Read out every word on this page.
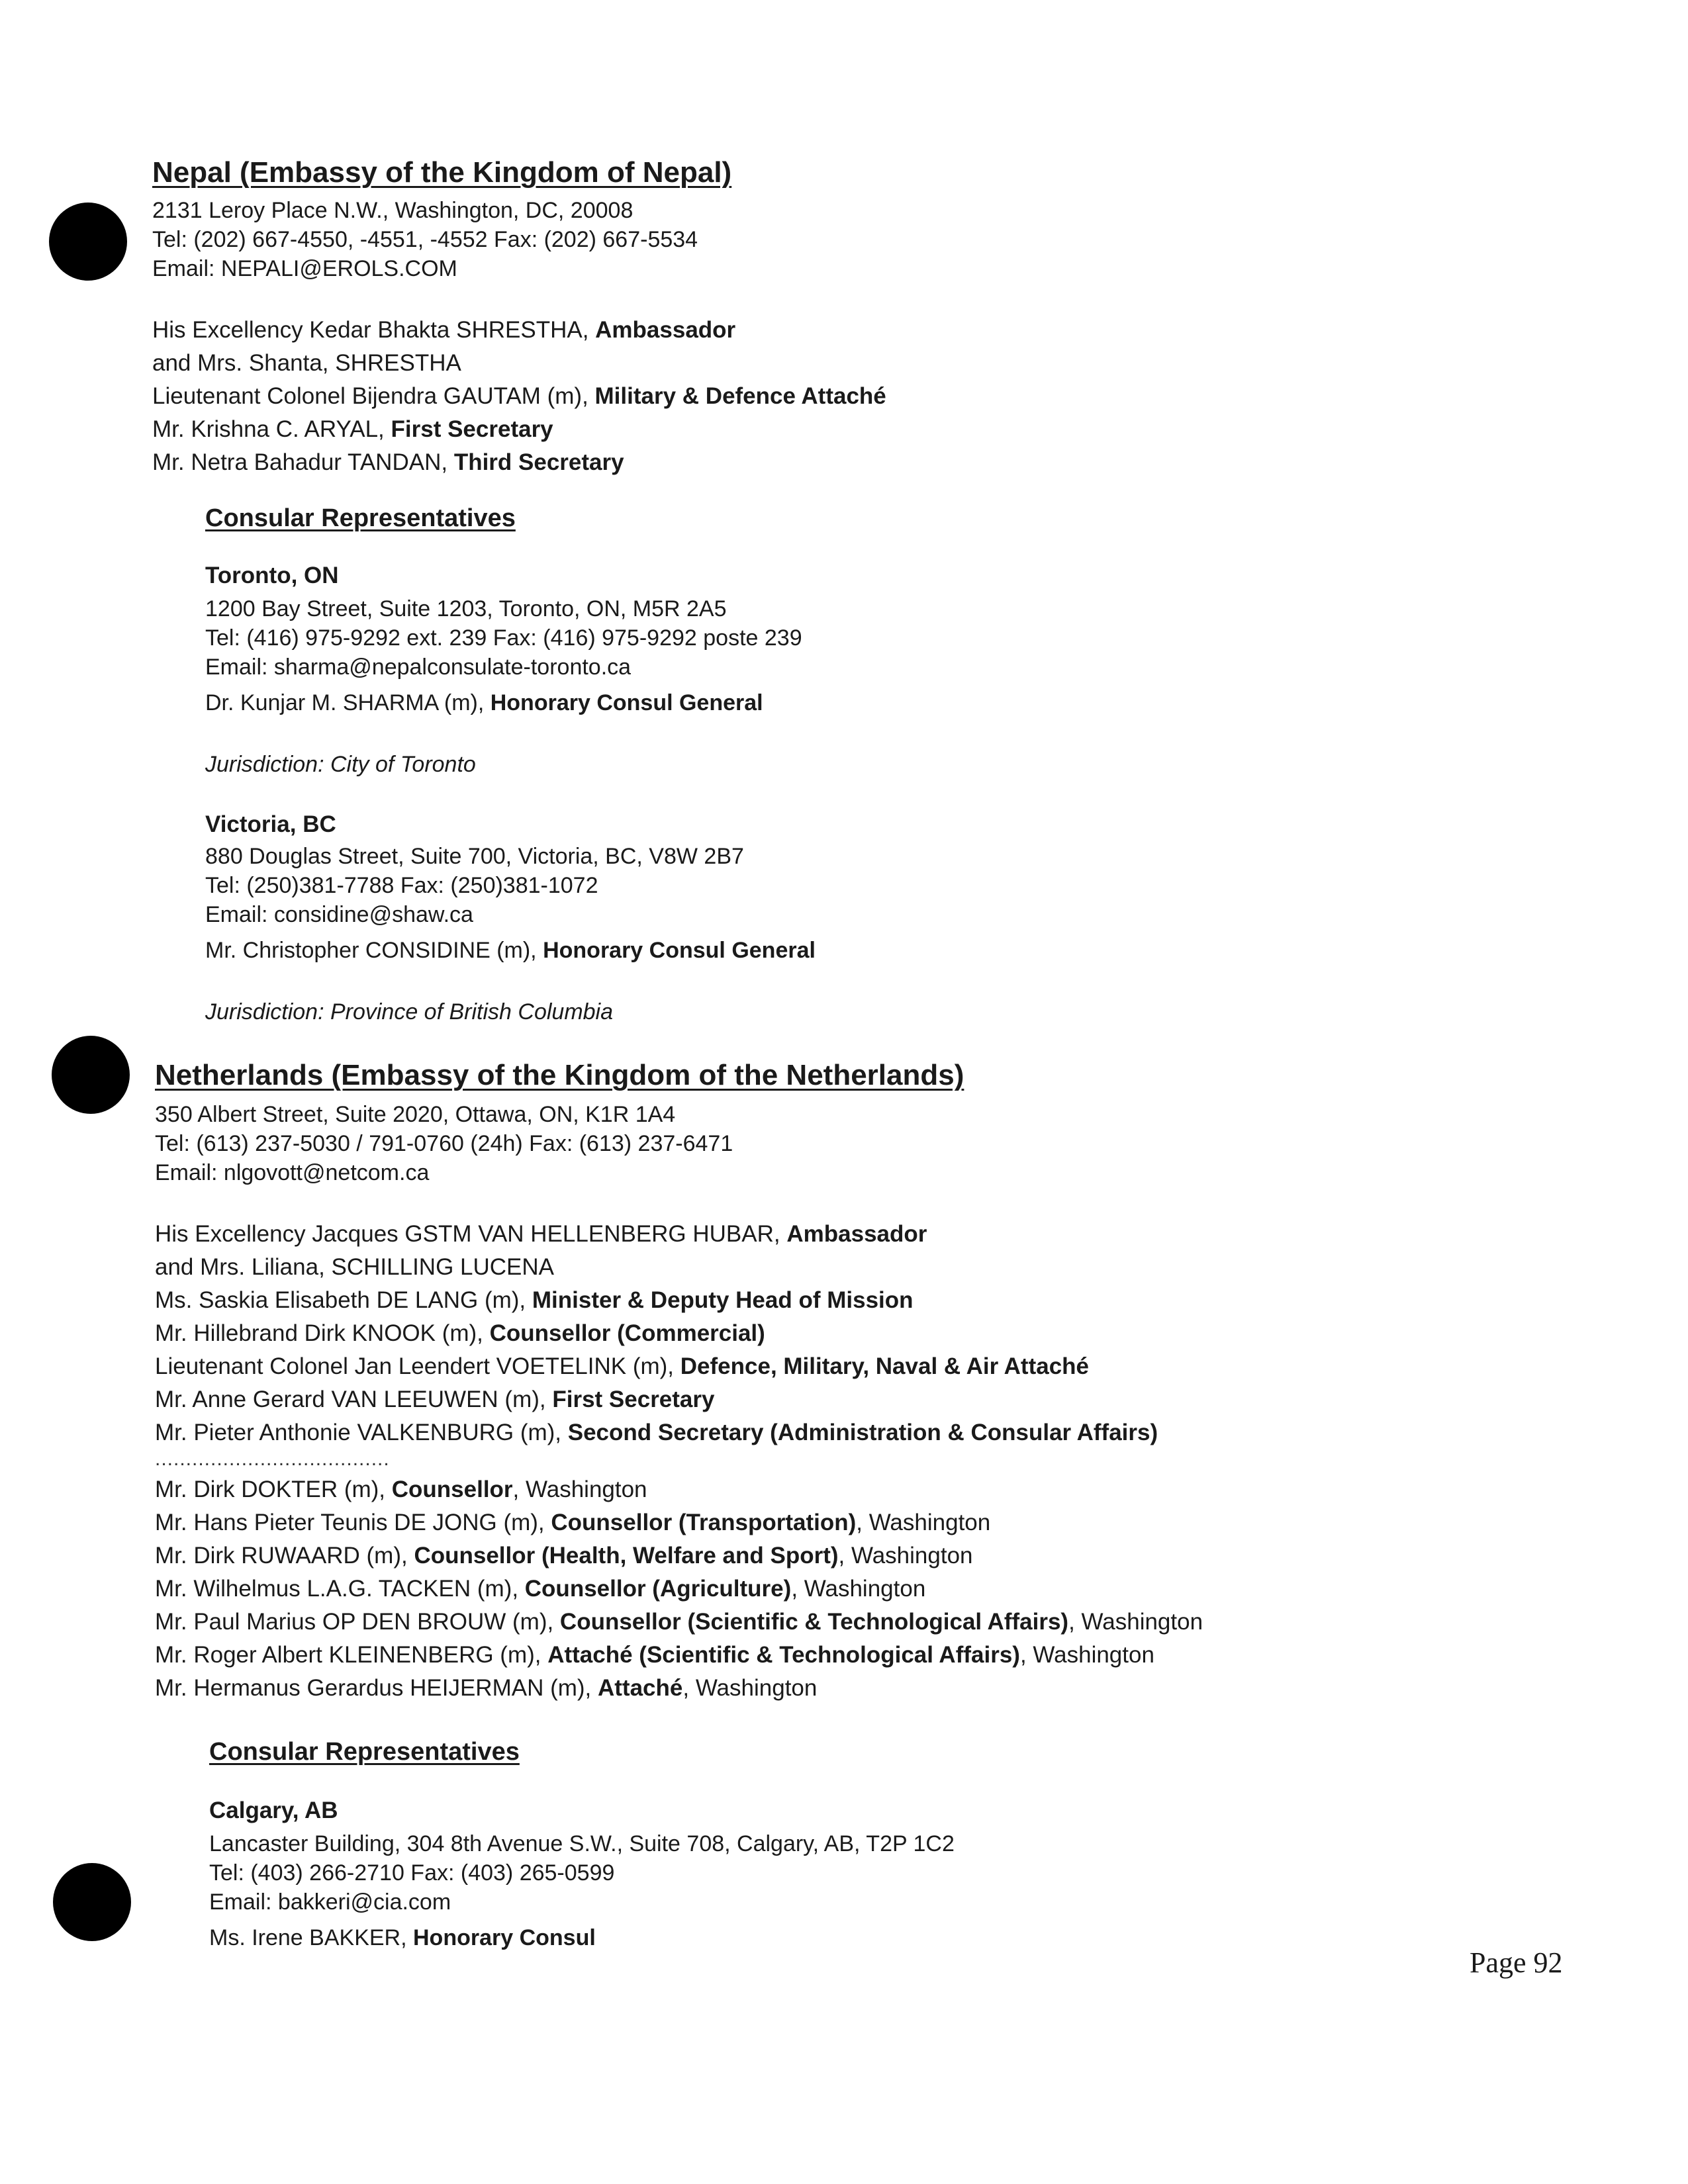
Nepal (Embassy of the Kingdom of Nepal)
2131 Leroy Place N.W., Washington, DC, 20008
Tel: (202) 667-4550, -4551, -4552 Fax: (202) 667-5534
Email: NEPALI@EROLS.COM
His Excellency Kedar Bhakta SHRESTHA, Ambassador
and Mrs. Shanta, SHRESTHA
Lieutenant Colonel Bijendra GAUTAM (m), Military & Defence Attaché
Mr. Krishna C. ARYAL, First Secretary
Mr. Netra Bahadur TANDAN, Third Secretary
Consular Representatives
Toronto, ON
1200 Bay Street, Suite 1203, Toronto, ON, M5R 2A5
Tel: (416) 975-9292 ext. 239 Fax: (416) 975-9292 poste 239
Email: sharma@nepalconsulate-toronto.ca
Dr. Kunjar M. SHARMA (m), Honorary Consul General
Jurisdiction: City of Toronto
Victoria, BC
880 Douglas Street, Suite 700, Victoria, BC, V8W 2B7
Tel: (250)381-7788 Fax: (250)381-1072
Email: considine@shaw.ca
Mr. Christopher CONSIDINE (m), Honorary Consul General
Jurisdiction: Province of British Columbia
Netherlands (Embassy of the Kingdom of the Netherlands)
350 Albert Street, Suite 2020, Ottawa, ON, K1R 1A4
Tel: (613) 237-5030 / 791-0760 (24h) Fax: (613) 237-6471
Email: nlgovott@netcom.ca
His Excellency Jacques GSTM VAN HELLENBERG HUBAR, Ambassador
and Mrs. Liliana, SCHILLING LUCENA
Ms. Saskia Elisabeth DE LANG (m), Minister & Deputy Head of Mission
Mr. Hillebrand Dirk KNOOK (m), Counsellor (Commercial)
Lieutenant Colonel Jan Leendert VOETELINK (m), Defence, Military, Naval & Air Attaché
Mr. Anne Gerard VAN LEEUWEN (m), First Secretary
Mr. Pieter Anthonie VALKENBURG (m), Second Secretary (Administration & Consular Affairs)
......................................
Mr. Dirk DOKTER (m), Counsellor, Washington
Mr. Hans Pieter Teunis DE JONG (m), Counsellor (Transportation), Washington
Mr. Dirk RUWAARD (m), Counsellor (Health, Welfare and Sport), Washington
Mr. Wilhelmus L.A.G. TACKEN (m), Counsellor (Agriculture), Washington
Mr. Paul Marius OP DEN BROUW (m), Counsellor (Scientific & Technological Affairs), Washington
Mr. Roger Albert KLEINENBERG (m), Attaché (Scientific & Technological Affairs), Washington
Mr. Hermanus Gerardus HEIJERMAN (m), Attaché, Washington
Consular Representatives
Calgary, AB
Lancaster Building, 304 8th Avenue S.W., Suite 708, Calgary, AB, T2P 1C2
Tel: (403) 266-2710 Fax: (403) 265-0599
Email: bakkeri@cia.com
Ms. Irene BAKKER, Honorary Consul
Page 92
